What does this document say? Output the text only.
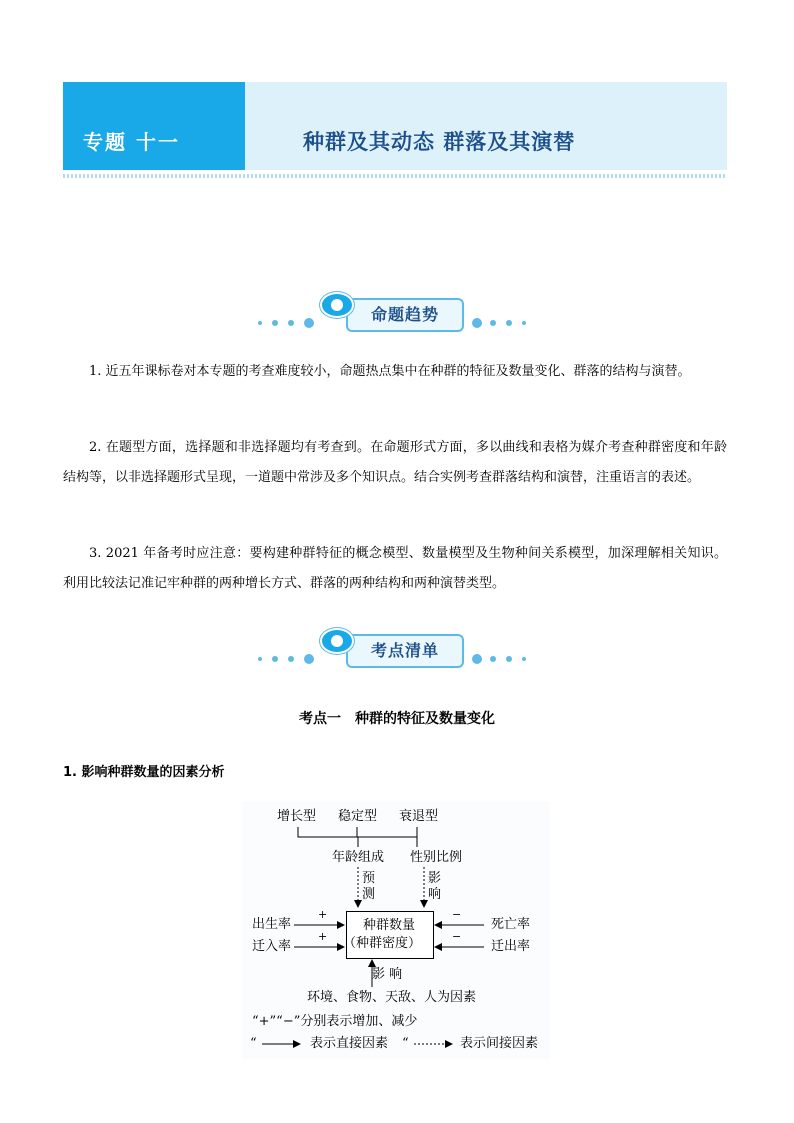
专题 十一	种群及其动态 群落及其演替
命题趋势

1. 近五年课标卷对本专题的考查难度较小，命题热点集中在种群的特征及数量变化、群落的结构与演替。

2. 在题型方面，选择题和非选择题均有考查到。在命题形式方面，多以曲线和表格为媒介考查种群密度和年龄结构等，以非选择题形式呈现，一道题中常涉及多个知识点。结合实例考查群落结构和演替，注重语言的表述。

3. 2021 年备考时应注意：要构建种群特征的概念模型、数量模型及生物种间关系模型，加深理解相关知识。利用比较法记准记牢种群的两种增长方式、群落的两种结构和两种演替类型。

考点清单
考点一　种群的特征及数量变化
1. 影响种群数量的因素分析
增长型 稳定型 衰退型
年龄组成 性别比例
预
测
影
响
出生率
迁入率
+
+
种群数量
（种群密度）
−
−
死亡率
迁出率
影 响
环境、食物、天敌、人为因素
“+”“−”分别表示增加、减少
“	表示直接因素 “	表示间接因素
